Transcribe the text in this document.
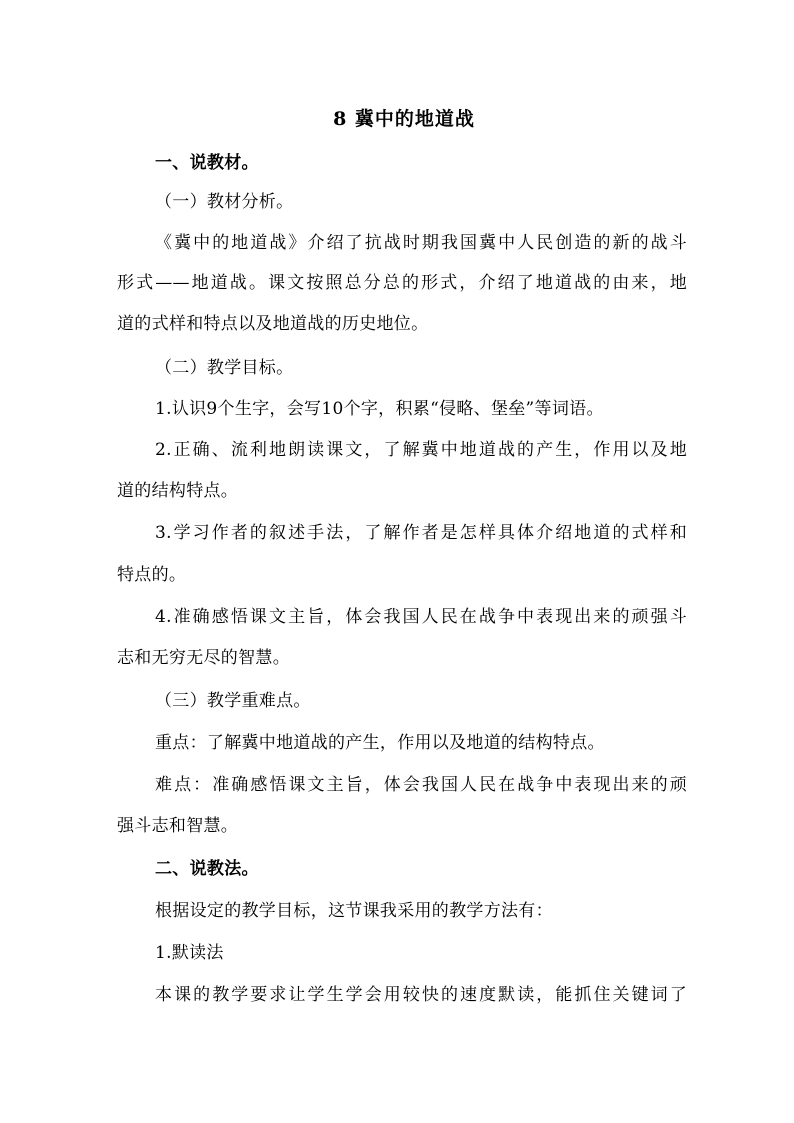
8 冀中的地道战
一、说教材。
（一）教材分析。
《冀中的地道战》介绍了抗战时期我国冀中人民创造的新的战斗
形式——地道战。课文按照总分总的形式，介绍了地道战的由来，地
道的式样和特点以及地道战的历史地位。
（二）教学目标。
1.认识9个生字，会写10个字，积累“侵略、堡垒”等词语。
2.正确、流利地朗读课文，了解冀中地道战的产生，作用以及地
道的结构特点。
3.学习作者的叙述手法，了解作者是怎样具体介绍地道的式样和
特点的。
4.准确感悟课文主旨，体会我国人民在战争中表现出来的顽强斗
志和无穷无尽的智慧。
（三）教学重难点。
重点：了解冀中地道战的产生，作用以及地道的结构特点。
难点：准确感悟课文主旨，体会我国人民在战争中表现出来的顽
强斗志和智慧。
二、说教法。
根据设定的教学目标，这节课我采用的教学方法有：
1.默读法
本课的教学要求让学生学会用较快的速度默读，能抓住关键词了
